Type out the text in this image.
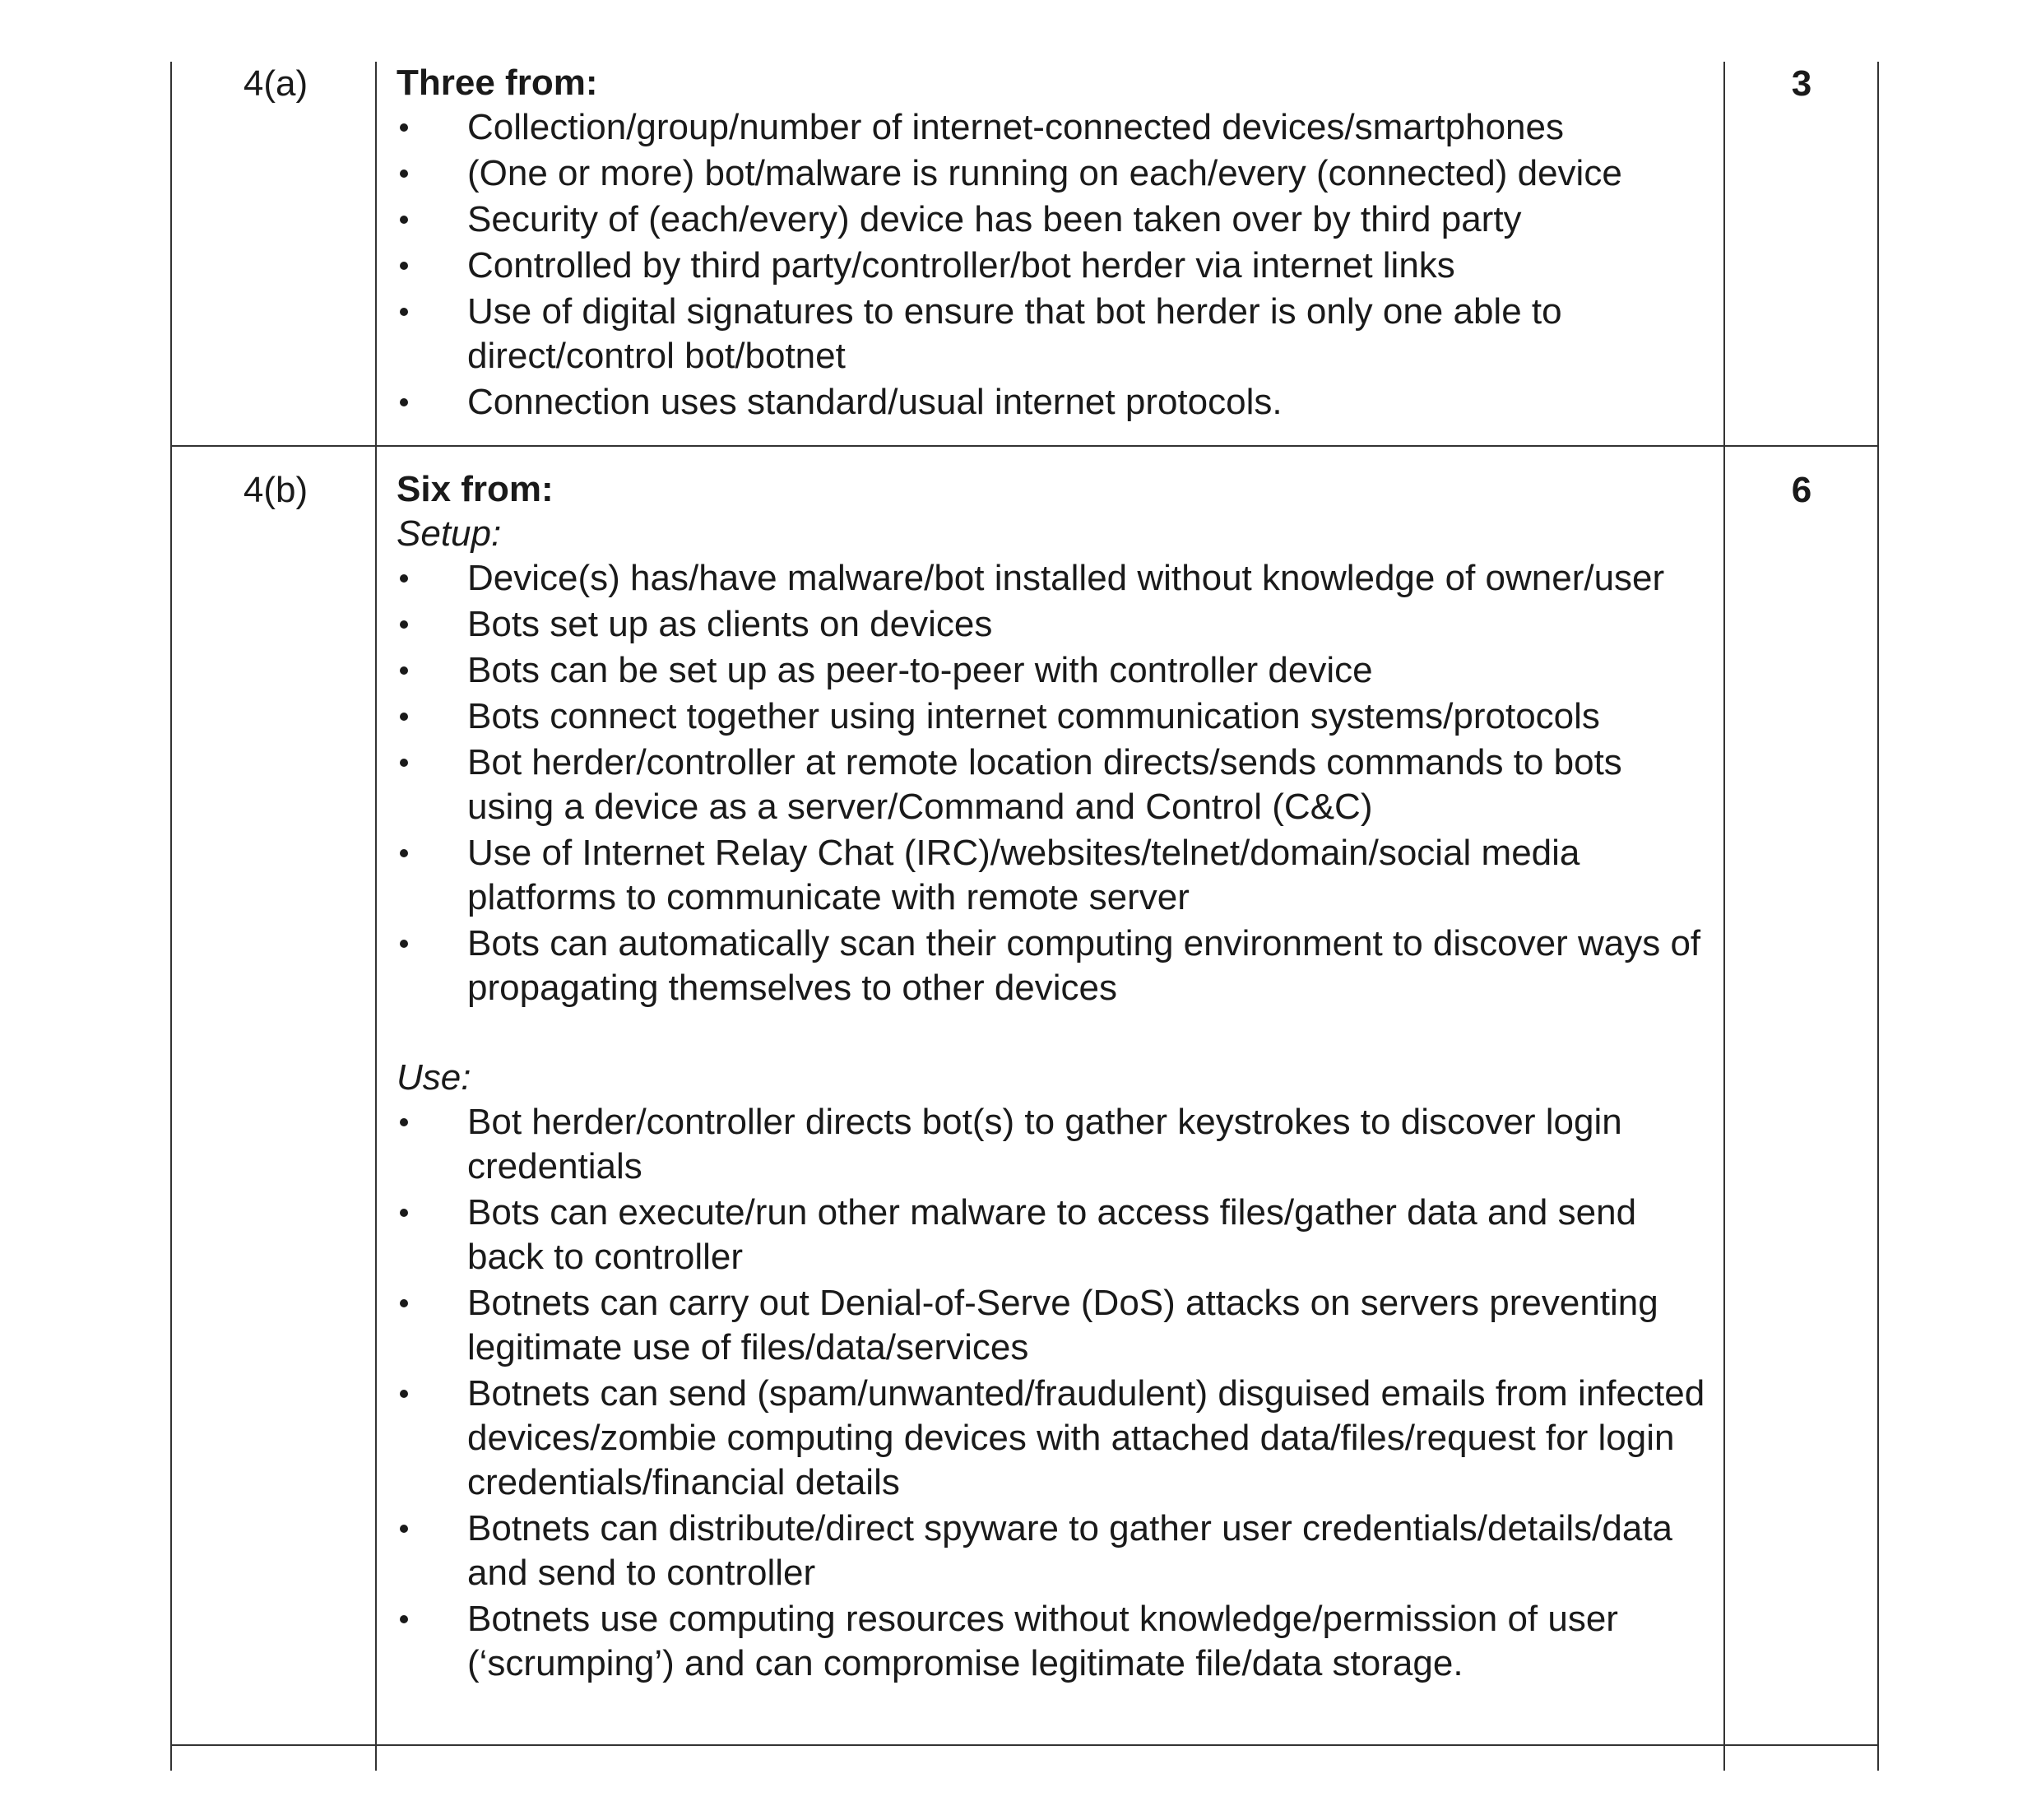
4(a)	3

Three from:

Collection/group/number of internet-connected devices/smartphones
(One or more) bot/malware is running on each/every (connected) device
Security of (each/every) device has been taken over by third party
Controlled by third party/controller/bot herder via internet links
Use of digital signatures to ensure that bot herder is only one able to direct/control bot/botnet
Connection uses standard/usual internet protocols.
4(b)	6

Six from:

Setup:

Device(s) has/have malware/bot installed without knowledge of owner/user
Bots set up as clients on devices
Bots can be set up as peer-to-peer with controller device
Bots connect together using internet communication systems/protocols
Bot herder/controller at remote location directs/sends commands to bots using a device as a server/Command and Control (C&C)
Use of Internet Relay Chat (IRC)/websites/telnet/domain/social media platforms to communicate with remote server
Bots can automatically scan their computing environment to discover ways of propagating themselves to other devices

Use:

Bot herder/controller directs bot(s) to gather keystrokes to discover login credentials
Bots can execute/run other malware to access files/gather data and send back to controller
Botnets can carry out Denial-of-Serve (DoS) attacks on servers preventing legitimate use of files/data/services
Botnets can send (spam/unwanted/fraudulent) disguised emails from infected devices/zombie computing devices with attached data/files/request for login credentials/financial details
Botnets can distribute/direct spyware to gather user credentials/details/data and send to controller
Botnets use computing resources without knowledge/permission of user (‘scrumping’) and can compromise legitimate file/data storage.
